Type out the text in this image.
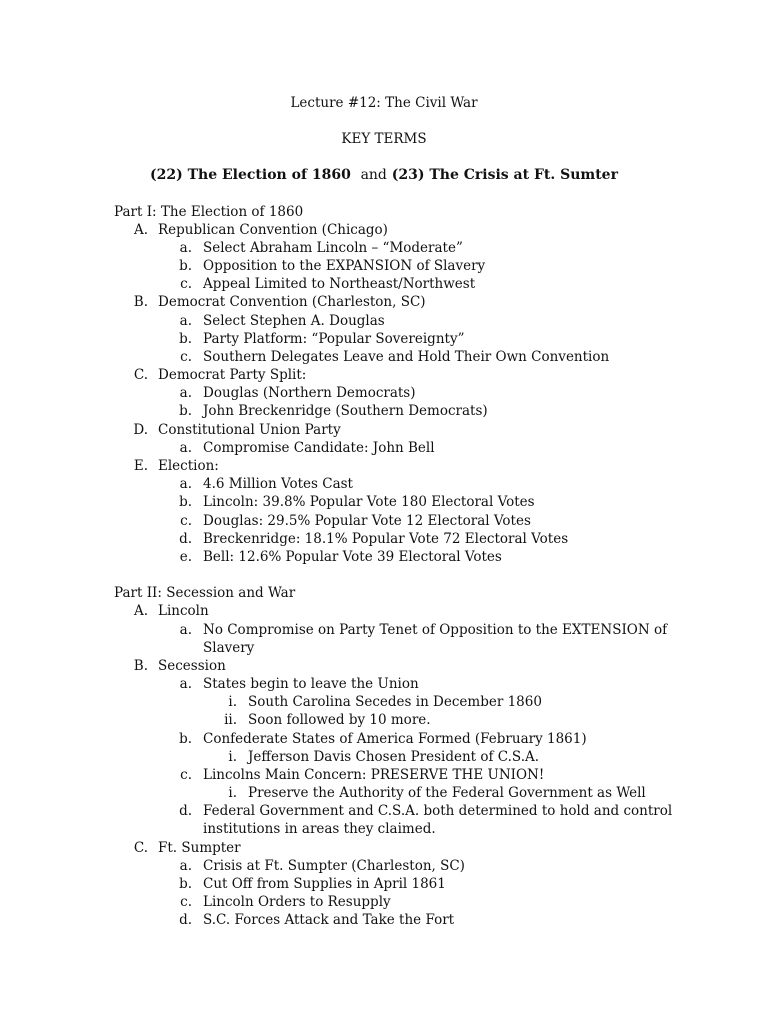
Lecture #12: The Civil War
KEY TERMS
(22) The Election of 1860 and (23) The Crisis at Ft. Sumter
Part I: The Election of 1860
A. Republican Convention (Chicago)
a. Select Abraham Lincoln – “Moderate”
b. Opposition to the EXPANSION of Slavery
c. Appeal Limited to Northeast/Northwest
B. Democrat Convention (Charleston, SC)
a. Select Stephen A. Douglas
b. Party Platform: “Popular Sovereignty”
c. Southern Delegates Leave and Hold Their Own Convention
C. Democrat Party Split:
a. Douglas (Northern Democrats)
b. John Breckenridge (Southern Democrats)
D. Constitutional Union Party
a. Compromise Candidate: John Bell
E. Election:
a. 4.6 Million Votes Cast
b. Lincoln: 39.8% Popular Vote 180 Electoral Votes
c. Douglas: 29.5% Popular Vote 12 Electoral Votes
d. Breckenridge: 18.1% Popular Vote 72 Electoral Votes
e. Bell: 12.6% Popular Vote 39 Electoral Votes
Part II: Secession and War
A. Lincoln
a. No Compromise on Party Tenet of Opposition to the EXTENSION of
Slavery
B. Secession
a. States begin to leave the Union
i. South Carolina Secedes in December 1860
ii. Soon followed by 10 more.
b. Confederate States of America Formed (February 1861)
i. Jefferson Davis Chosen President of C.S.A.
c. Lincolns Main Concern: PRESERVE THE UNION!
i. Preserve the Authority of the Federal Government as Well
d. Federal Government and C.S.A. both determined to hold and control
institutions in areas they claimed.
C. Ft. Sumpter
a. Crisis at Ft. Sumpter (Charleston, SC)
b. Cut Off from Supplies in April 1861
c. Lincoln Orders to Resupply
d. S.C. Forces Attack and Take the Fort
